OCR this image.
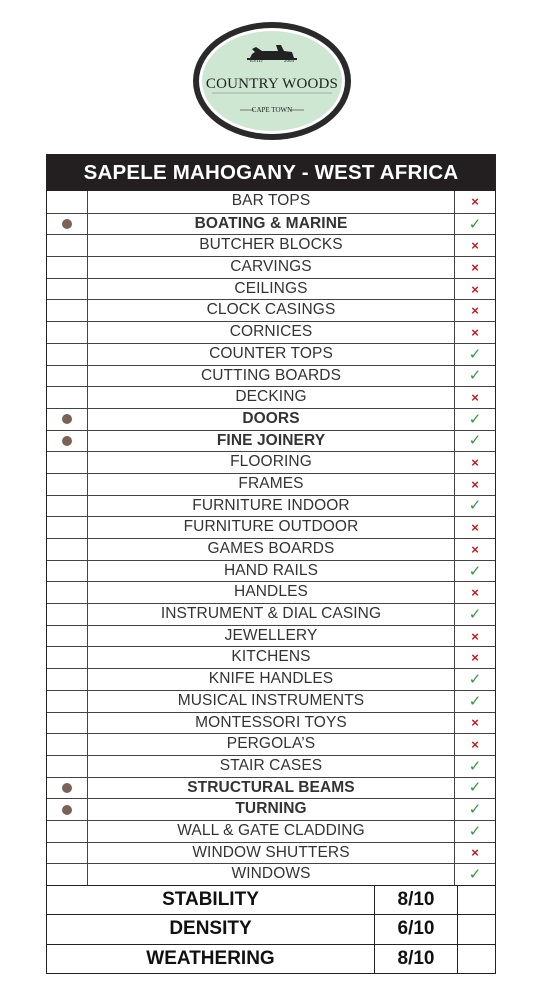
ESTD	2004
COUNTRY WOODS
CAPE TOWN
SAPELE MAHOGANY - WEST AFRICA
BAR TOPS	×
BOATING & MARINE	✓
BUTCHER BLOCKS	×
CARVINGS	×
CEILINGS	×
CLOCK CASINGS	×
CORNICES	×
COUNTER TOPS	✓
CUTTING BOARDS	✓
DECKING	×
DOORS	✓
FINE JOINERY	✓
FLOORING	×
FRAMES	×
FURNITURE INDOOR	✓
FURNITURE OUTDOOR	×
GAMES BOARDS	×
HAND RAILS	✓
HANDLES	×
INSTRUMENT & DIAL CASING	✓
JEWELLERY	×
KITCHENS	×
KNIFE HANDLES	✓
MUSICAL INSTRUMENTS	✓
MONTESSORI TOYS	×
PERGOLA’S	×
STAIR CASES	✓
STRUCTURAL BEAMS	✓
TURNING	✓
WALL & GATE CLADDING	✓
WINDOW SHUTTERS	×
WINDOWS	✓
STABILITY	8/10
DENSITY	6/10
WEATHERING	8/10
